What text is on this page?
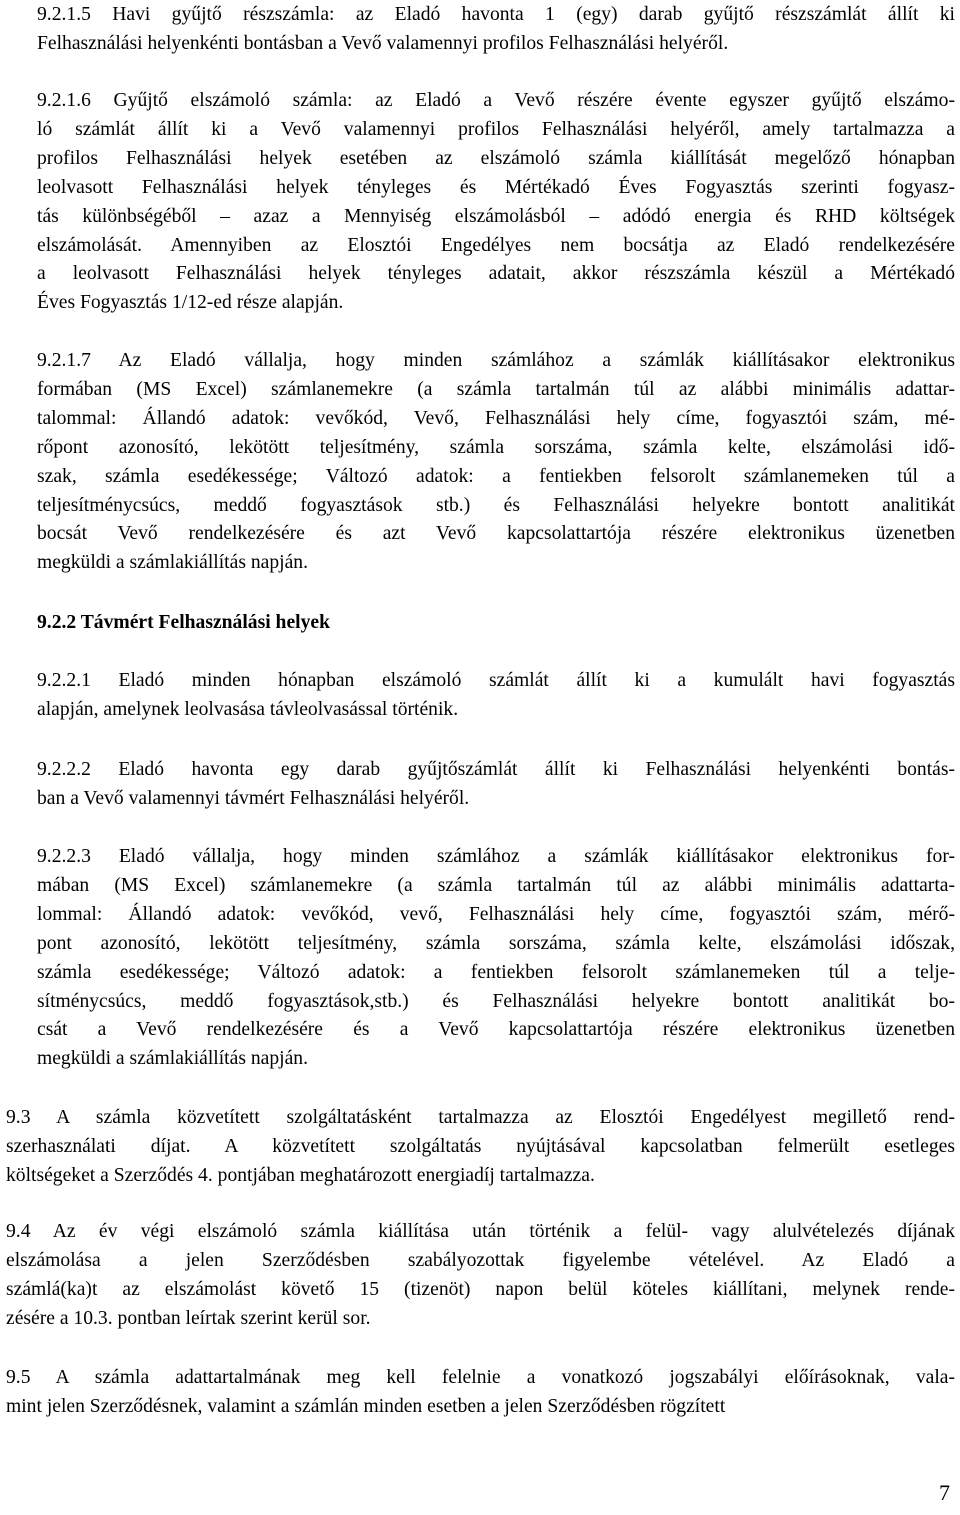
9.2.1.5 Havi gyűjtő részszámla: az Eladó havonta 1 (egy) darab gyűjtő részszámlát állít ki
Felhasználási helyenkénti bontásban a Vevő valamennyi profilos Felhasználási helyéről.
9.2.1.6 Gyűjtő elszámoló számla: az Eladó a Vevő részére évente egyszer gyűjtő elszámo-
ló számlát állít ki a Vevő valamennyi profilos Felhasználási helyéről, amely tartalmazza a
profilos Felhasználási helyek esetében az elszámoló számla kiállítását megelőző hónapban
leolvasott Felhasználási helyek tényleges és Mértékadó Éves Fogyasztás szerinti fogyasz-
tás különbségéből – azaz a Mennyiség elszámolásból – adódó energia és RHD költségek
elszámolását. Amennyiben az Elosztói Engedélyes nem bocsátja az Eladó rendelkezésére
a leolvasott Felhasználási helyek tényleges adatait, akkor részszámla készül a Mértékadó
Éves Fogyasztás 1/12-ed része alapján.
9.2.1.7 Az Eladó vállalja, hogy minden számlához a számlák kiállításakor elektronikus
formában (MS Excel) számlanemekre (a számla tartalmán túl az alábbi minimális adattar-
talommal: Állandó adatok: vevőkód, Vevő, Felhasználási hely címe, fogyasztói szám, mé-
rőpont azonosító, lekötött teljesítmény, számla sorszáma, számla kelte, elszámolási idő-
szak, számla esedékessége; Változó adatok: a fentiekben felsorolt számlanemeken túl a
teljesítménycsúcs, meddő fogyasztások stb.) és Felhasználási helyekre bontott analitikát
bocsát Vevő rendelkezésére és azt Vevő kapcsolattartója részére elektronikus üzenetben
megküldi a számlakiállítás napján.
9.2.2 Távmért Felhasználási helyek
9.2.2.1 Eladó minden hónapban elszámoló számlát állít ki a kumulált havi fogyasztás
alapján, amelynek leolvasása távleolvasással történik.
9.2.2.2 Eladó havonta egy darab gyűjtőszámlát állít ki Felhasználási helyenkénti bontás-
ban a Vevő valamennyi távmért Felhasználási helyéről.
9.2.2.3 Eladó vállalja, hogy minden számlához a számlák kiállításakor elektronikus for-
mában (MS Excel) számlanemekre (a számla tartalmán túl az alábbi minimális adattarta-
lommal: Állandó adatok: vevőkód, vevő, Felhasználási hely címe, fogyasztói szám, mérő-
pont azonosító, lekötött teljesítmény, számla sorszáma, számla kelte, elszámolási időszak,
számla esedékessége; Változó adatok: a fentiekben felsorolt számlanemeken túl a telje-
sítménycsúcs, meddő fogyasztások,stb.) és Felhasználási helyekre bontott analitikát bo-
csát a Vevő rendelkezésére és a Vevő kapcsolattartója részére elektronikus üzenetben
megküldi a számlakiállítás napján.
9.3 A számla közvetített szolgáltatásként tartalmazza az Elosztói Engedélyest megillető rend-
szerhasználati díjat. A közvetített szolgáltatás nyújtásával kapcsolatban felmerült esetleges
költségeket a Szerződés 4. pontjában meghatározott energiadíj tartalmazza.
9.4 Az év végi elszámoló számla kiállítása után történik a felül- vagy alulvételezés díjának
elszámolása a jelen Szerződésben szabályozottak figyelembe vételével. Az Eladó a
számlá(ka)t az elszámolást követő 15 (tizenöt) napon belül köteles kiállítani, melynek rende-
zésére a 10.3. pontban leírtak szerint kerül sor.
9.5 A számla adattartalmának meg kell felelnie a vonatkozó jogszabályi előírásoknak, vala-
mint jelen Szerződésnek, valamint a számlán minden esetben a jelen Szerződésben rögzített
7
